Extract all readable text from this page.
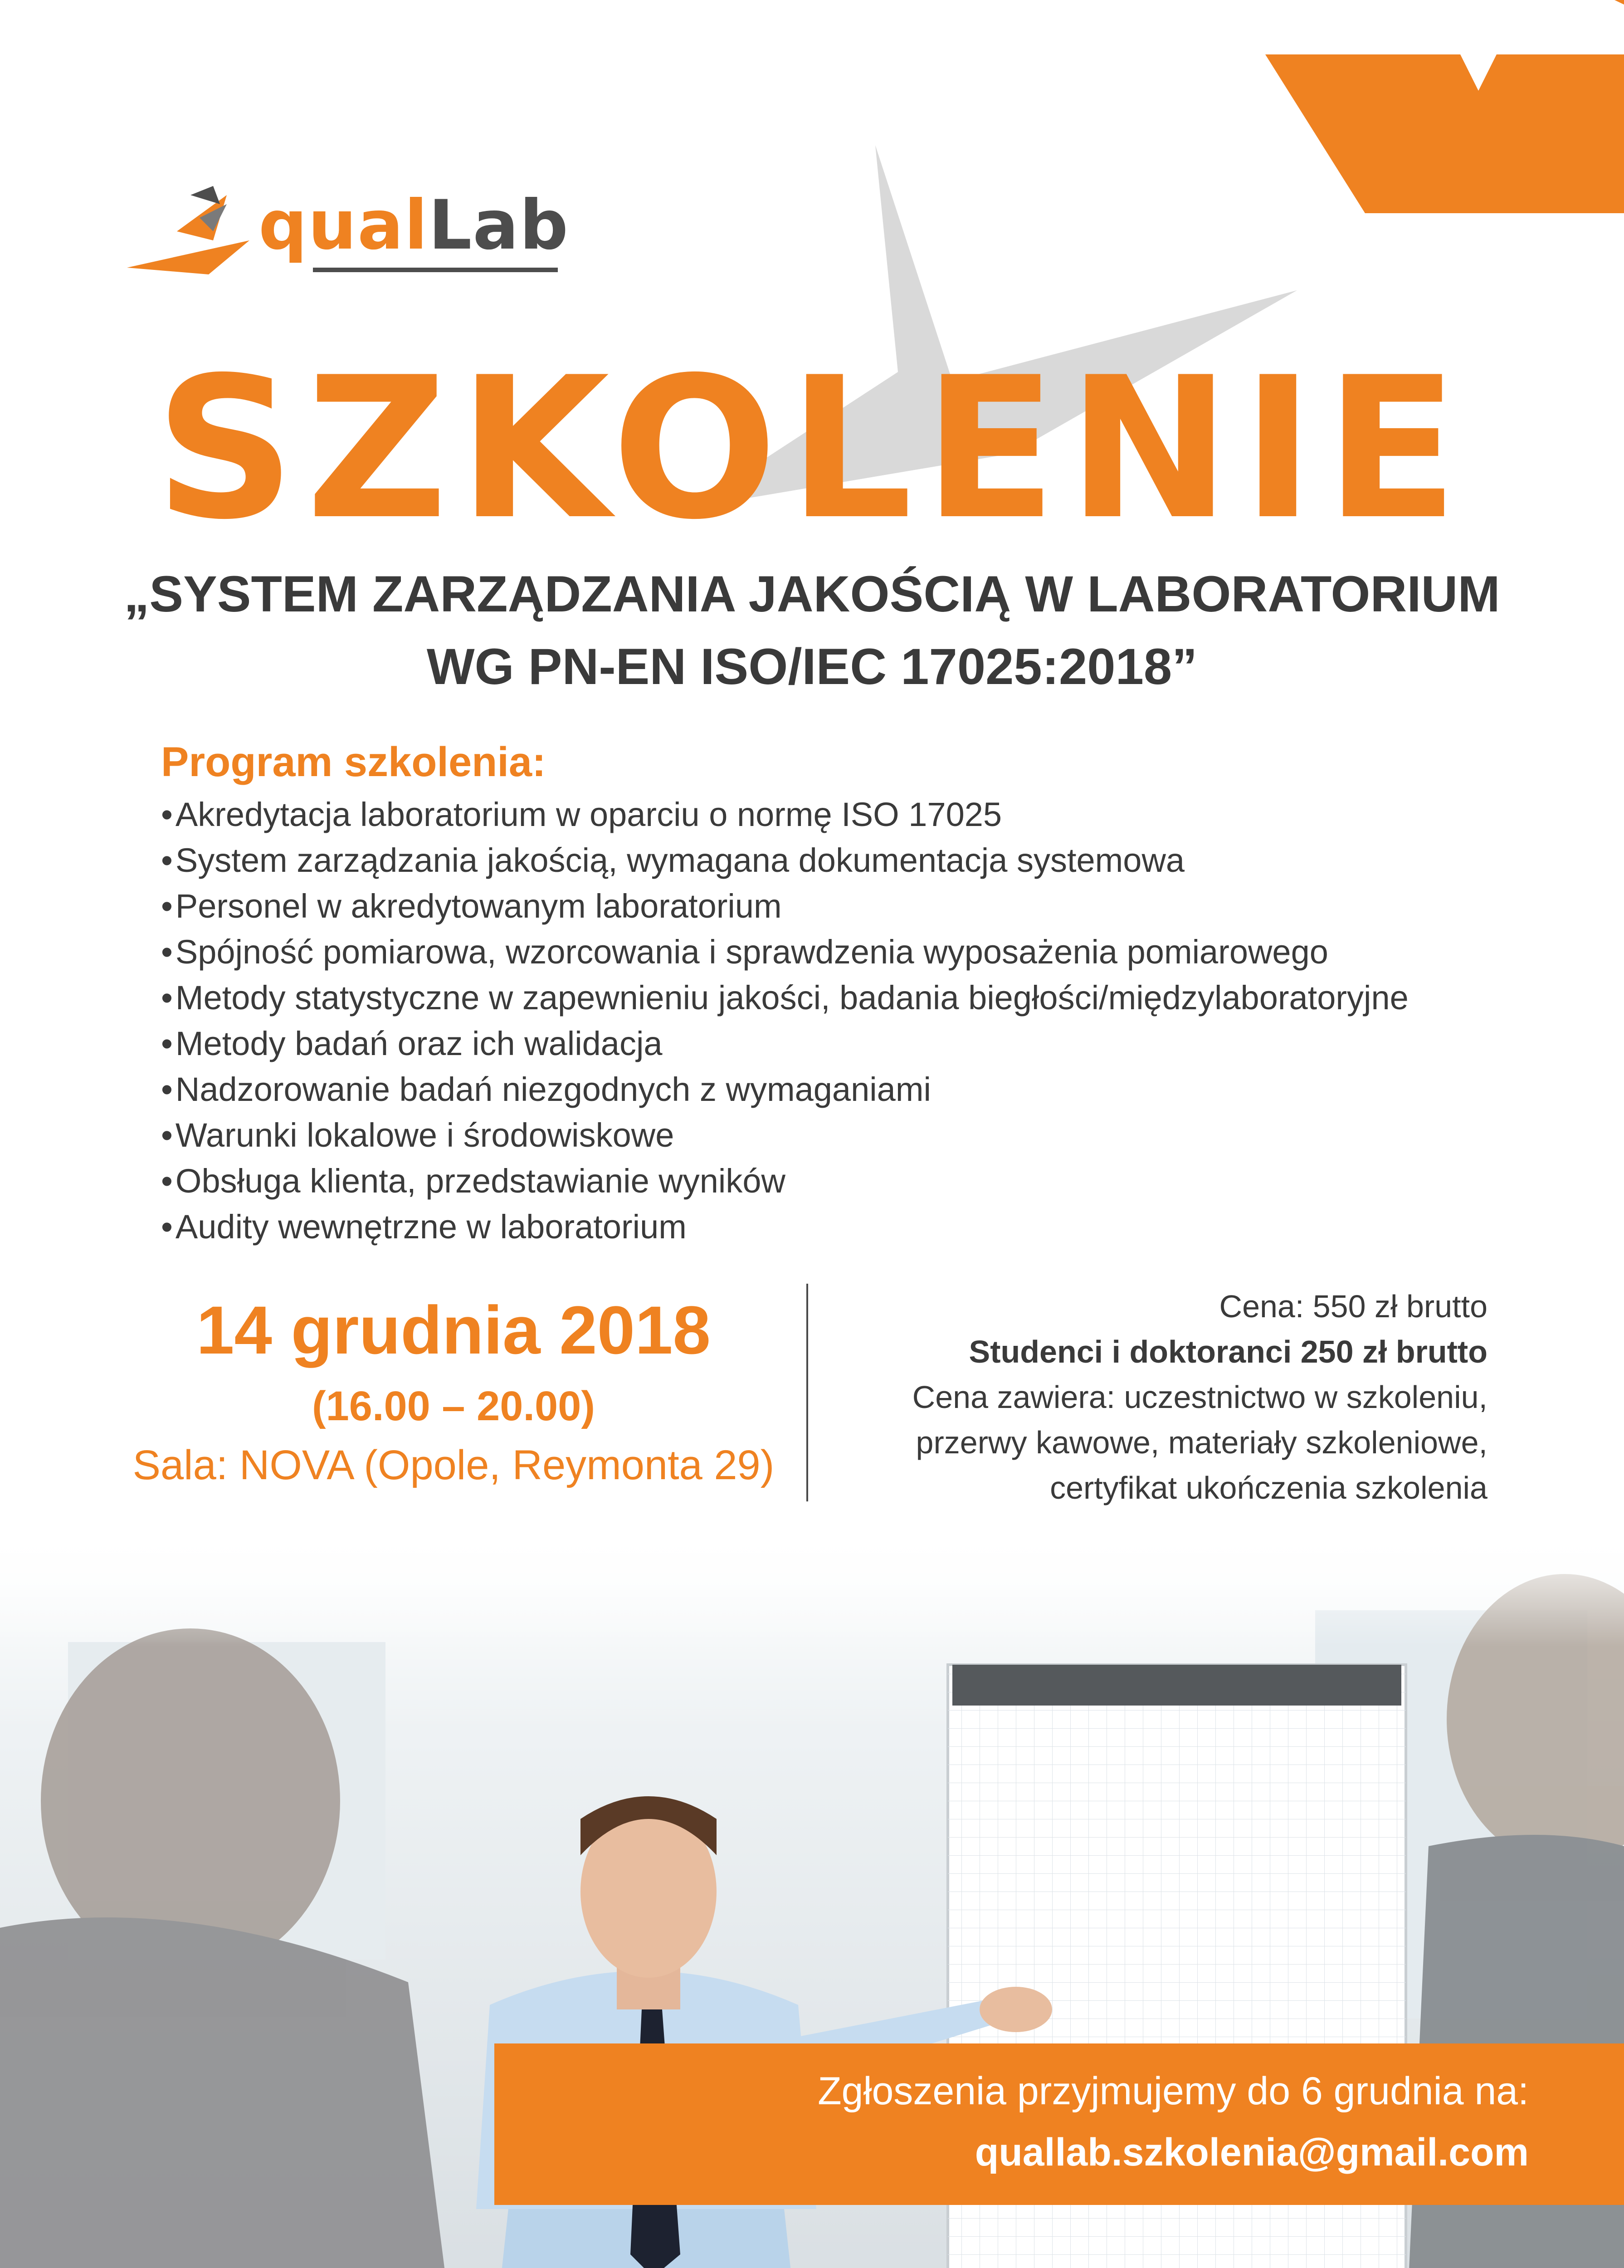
qualLab
SZKOLENIE
„SYSTEM ZARZĄDZANIA JAKOŚCIĄ W LABORATORIUM
WG PN-EN ISO/IEC 17025:2018”
Program szkolenia:
• Akredytacja laboratorium w oparciu o normę ISO 17025
• System zarządzania jakością, wymagana dokumentacja systemowa
• Personel w akredytowanym laboratorium
• Spójność pomiarowa, wzorcowania i sprawdzenia wyposażenia pomiarowego
• Metody statystyczne w zapewnieniu jakości, badania biegłości/międzylaboratoryjne
• Metody badań oraz ich walidacja
• Nadzorowanie badań niezgodnych z wymaganiami
• Warunki lokalowe i środowiskowe
• Obsługa klienta, przedstawianie wyników
• Audity wewnętrzne w laboratorium
14 grudnia 2018
(16.00 – 20.00)
Sala: NOVA (Opole, Reymonta 29)
Cena: 550 zł brutto
Studenci i doktoranci 250 zł brutto
Cena zawiera: uczestnictwo w szkoleniu,
przerwy kawowe, materiały szkoleniowe,
certyfikat ukończenia szkolenia
Zgłoszenia przyjmujemy do 6 grudnia na:
quallab.szkolenia@gmail.com
